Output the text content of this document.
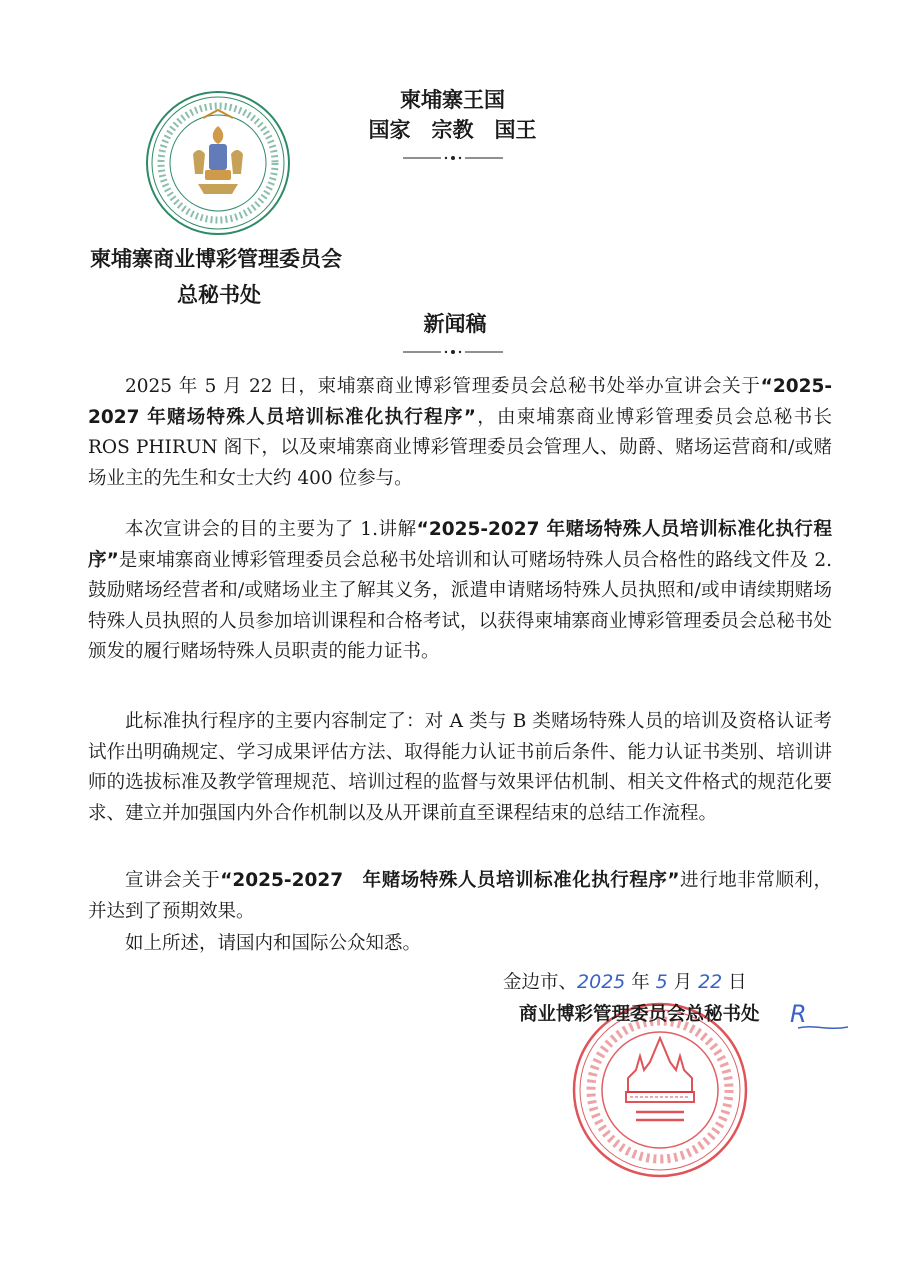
柬埔寨王国
国家　宗教　国王
柬埔寨商业博彩管理委员会
总秘书处
新闻稿

2025 年 5 月 22 日，柬埔寨商业博彩管理委员会总秘书处举办宣讲会关于“2025-2027 年赌场特殊人员培训标准化执行程序”，由柬埔寨商业博彩管理委员会总秘书长 ROS PHIRUN 阁下，以及柬埔寨商业博彩管理委员会管理人、勋爵、赌场运营商和/或赌场业主的先生和女士大约 400 位参与。

本次宣讲会的目的主要为了 1.讲解“2025-2027 年赌场特殊人员培训标准化执行程序”是柬埔寨商业博彩管理委员会总秘书处培训和认可赌场特殊人员合格性的路线文件及 2. 鼓励赌场经营者和/或赌场业主了解其义务，派遣申请赌场特殊人员执照和/或申请续期赌场特殊人员执照的人员参加培训课程和合格考试，以获得柬埔寨商业博彩管理委员会总秘书处颁发的履行赌场特殊人员职责的能力证书。

此标准执行程序的主要内容制定了：对 A 类与 B 类赌场特殊人员的培训及资格认证考试作出明确规定、学习成果评估方法、取得能力认证书前后条件、能力认证书类别、培训讲师的选拔标准及教学管理规范、培训过程的监督与效果评估机制、相关文件格式的规范化要求、建立并加强国内外合作机制以及从开课前直至课程结束的总结工作流程。

宣讲会关于“2025-2027　年赌场特殊人员培训标准化执行程序”进行地非常顺利，并达到了预期效果。

如上所述，请国内和国际公众知悉。

金边市、2025 年 5 月 22 日
商业博彩管理委员会总秘书处 R
